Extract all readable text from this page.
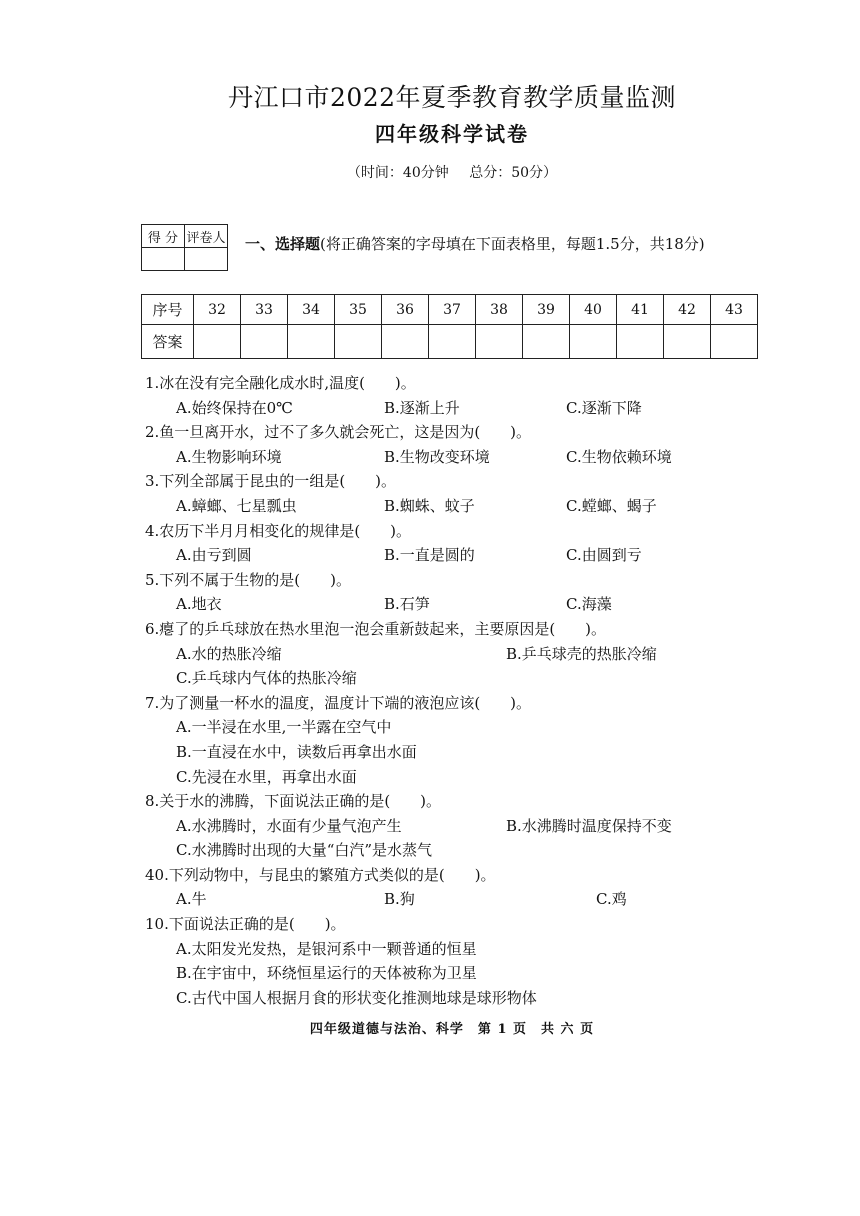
丹江口市2022年夏季教育教学质量监测
四年级科学试卷
（时间：40分钟 总分：50分）
得 分	评卷人
	一、选择题(将正确答案的字母填在下面表格里，每题1.5分，共18分)
序号	32	33	34	35	36	37	38	39	40	41	42	43
答案												
1.冰在没有完全融化成水时,温度(　　)。
A.始终保持在0℃	B.逐渐上升	C.逐渐下降
2.鱼一旦离开水，过不了多久就会死亡，这是因为(　　)。
A.生物影响环境	B.生物改变环境	C.生物依赖环境
3.下列全部属于昆虫的一组是(　　)。
A.蟑螂、七星瓢虫	B.蜘蛛、蚊子	C.螳螂、蝎子
4.农历下半月月相变化的规律是(　　)。
A.由亏到圆	B.一直是圆的	C.由圆到亏
5.下列不属于生物的是(　　)。
A.地衣	B.石笋	C.海藻
6.瘪了的乒乓球放在热水里泡一泡会重新鼓起来，主要原因是(　　)。
A.水的热胀冷缩	B.乒乓球壳的热胀冷缩
C.乒乓球内气体的热胀冷缩
7.为了测量一杯水的温度，温度计下端的液泡应该(　　)。
A.一半浸在水里,一半露在空气中
B.一直浸在水中，读数后再拿出水面
C.先浸在水里，再拿出水面
8.关于水的沸腾，下面说法正确的是(　　)。
A.水沸腾时，水面有少量气泡产生	B.水沸腾时温度保持不变
C.水沸腾时出现的大量“白汽”是水蒸气
40.下列动物中，与昆虫的繁殖方式类似的是(　　)。
A.牛	B.狗	C.鸡
10.下面说法正确的是(　　)。
A.太阳发光发热，是银河系中一颗普通的恒星
B.在宇宙中，环绕恒星运行的天体被称为卫星
C.古代中国人根据月食的形状变化推测地球是球形物体
四年级道德与法治、科学　第 1 页　共 六 页
